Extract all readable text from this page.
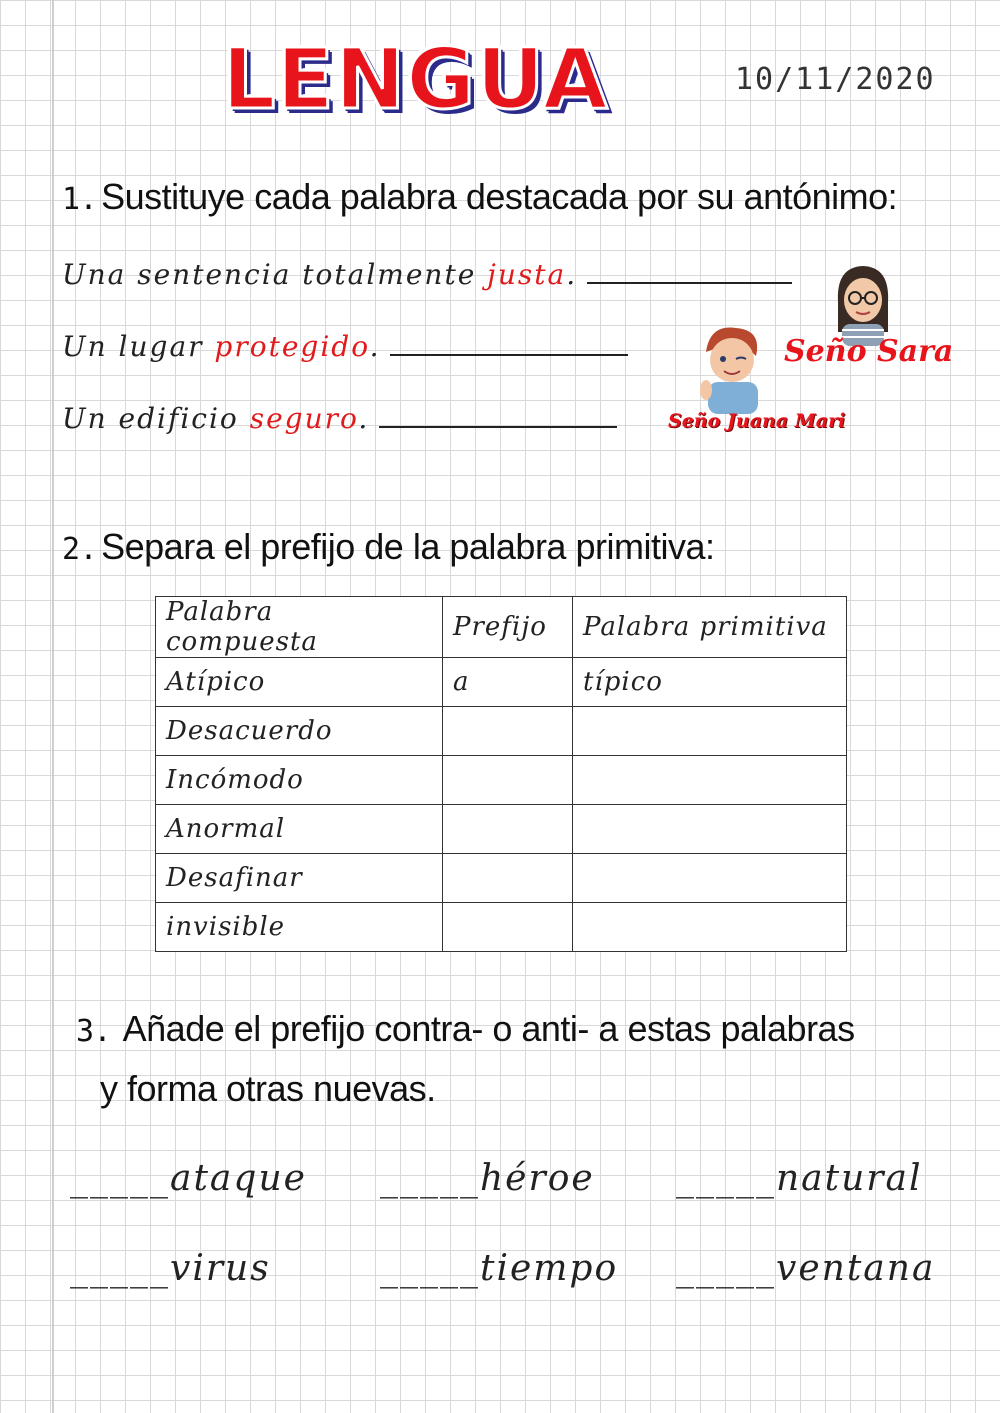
LENGUA	10/11/2020
1. Sustituye cada palabra destacada por su antónimo:
Una sentencia totalmente justa.
Un lugar protegido.
Un edificio seguro.
Seño Sara
Seño Juana Mari
2. Separa el prefijo de la palabra primitiva:
Palabra compuesta	Prefijo	Palabra primitiva
Atípico	a	típico
Desacuerdo		
Incómodo		
Anormal		
Desafinar		
invisible		
3. Añade el prefijo contra- o anti- a estas palabras
y forma otras nuevas.
_____ataque _____héroe _____natural
_____virus	_____tiempo _____ventana
